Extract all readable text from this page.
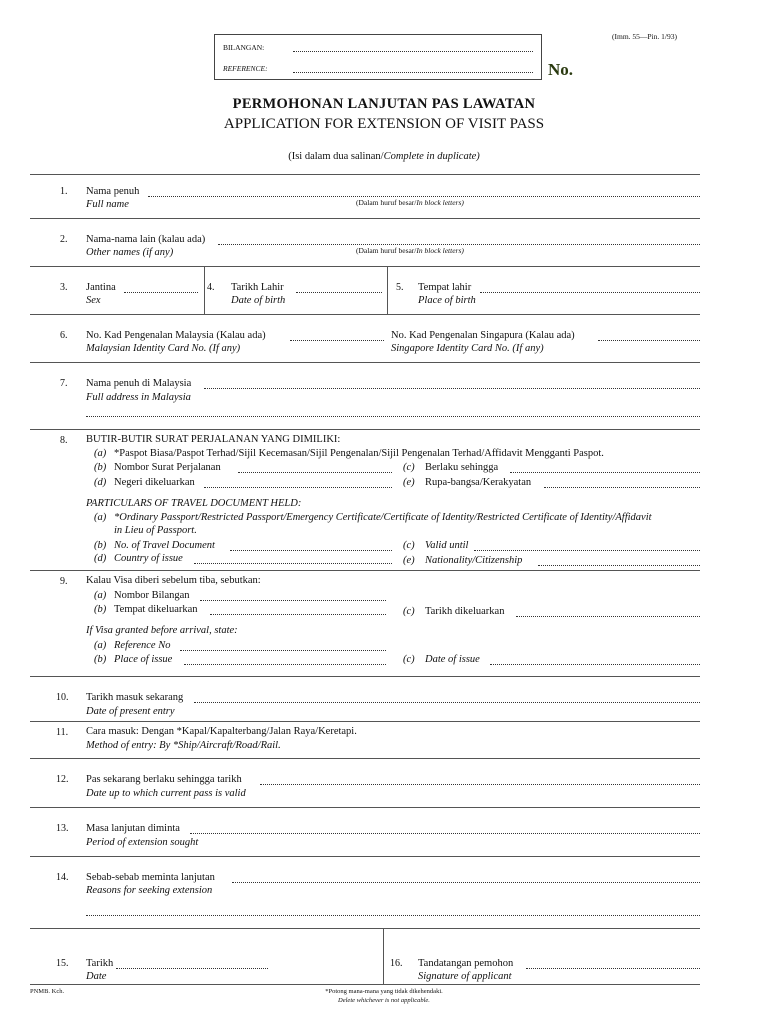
(Imm. 55—Pin. 1/93)
BILANGAN:
REFERENCE:	No.
PERMOHONAN LANJUTAN PAS LAWATAN
APPLICATION FOR EXTENSION OF VISIT PASS
(Isi dalam dua salinan/Complete in duplicate)
1. Nama penuh
Full name	(Dalam huruf besar/In block letters)
2. Nama-nama lain (kalau ada)
Other names (if any)	(Dalam huruf besar/In block letters)
3. Jantina
Sex
4. Tarikh Lahir
Date of birth
5. Tempat lahir
Place of birth
6. No. Kad Pengenalan Malaysia (Kalau ada)
Malaysian Identity Card No. (If any)
No. Kad Pengenalan Singapura (Kalau ada)
Singapore Identity Card No. (If any)
7. Nama penuh di Malaysia
Full address in Malaysia
8. BUTIR-BUTIR SURAT PERJALANAN YANG DIMILIKI:
(a) *Paspot Biasa/Paspot Terhad/Sijil Kecemasan/Sijil Pengenalan/Sijil Pengenalan Terhad/Affidavit Mengganti Paspot.
(b) Nombor Surat Perjalanan	(c) Berlaku sehingga
(d) Negeri dikeluarkan	(e) Rupa-bangsa/Kerakyatan
PARTICULARS OF TRAVEL DOCUMENT HELD:
(a) *Ordinary Passport/Restricted Passport/Emergency Certificate/Certificate of Identity/Restricted Certificate of Identity/Affidavit
in Lieu of Passport.
(b) No. of Travel Document	(c) Valid until
(d) Country of issue	(e) Nationality/Citizenship
9. Kalau Visa diberi sebelum tiba, sebutkan:
(a) Nombor Bilangan
(b) Tempat dikeluarkan	(c) Tarikh dikeluarkan
If Visa granted before arrival, state:
(a) Reference No
(b) Place of issue	(c) Date of issue
10. Tarikh masuk sekarang
Date of present entry
11. Cara masuk: Dengan *Kapal/Kapalterbang/Jalan Raya/Keretapi.
Method of entry: By *Ship/Aircraft/Road/Rail.
12. Pas sekarang berlaku sehingga tarikh
Date up to which current pass is valid
13. Masa lanjutan diminta
Period of extension sought
14. Sebab-sebab meminta lanjutan
Reasons for seeking extension
15. Tarikh
Date
16. Tandatangan pemohon
Signature of applicant
PNMB. Kch.	*Potong mana-mana yang tidak dikehendaki.
Delete whichever is not applicable.
